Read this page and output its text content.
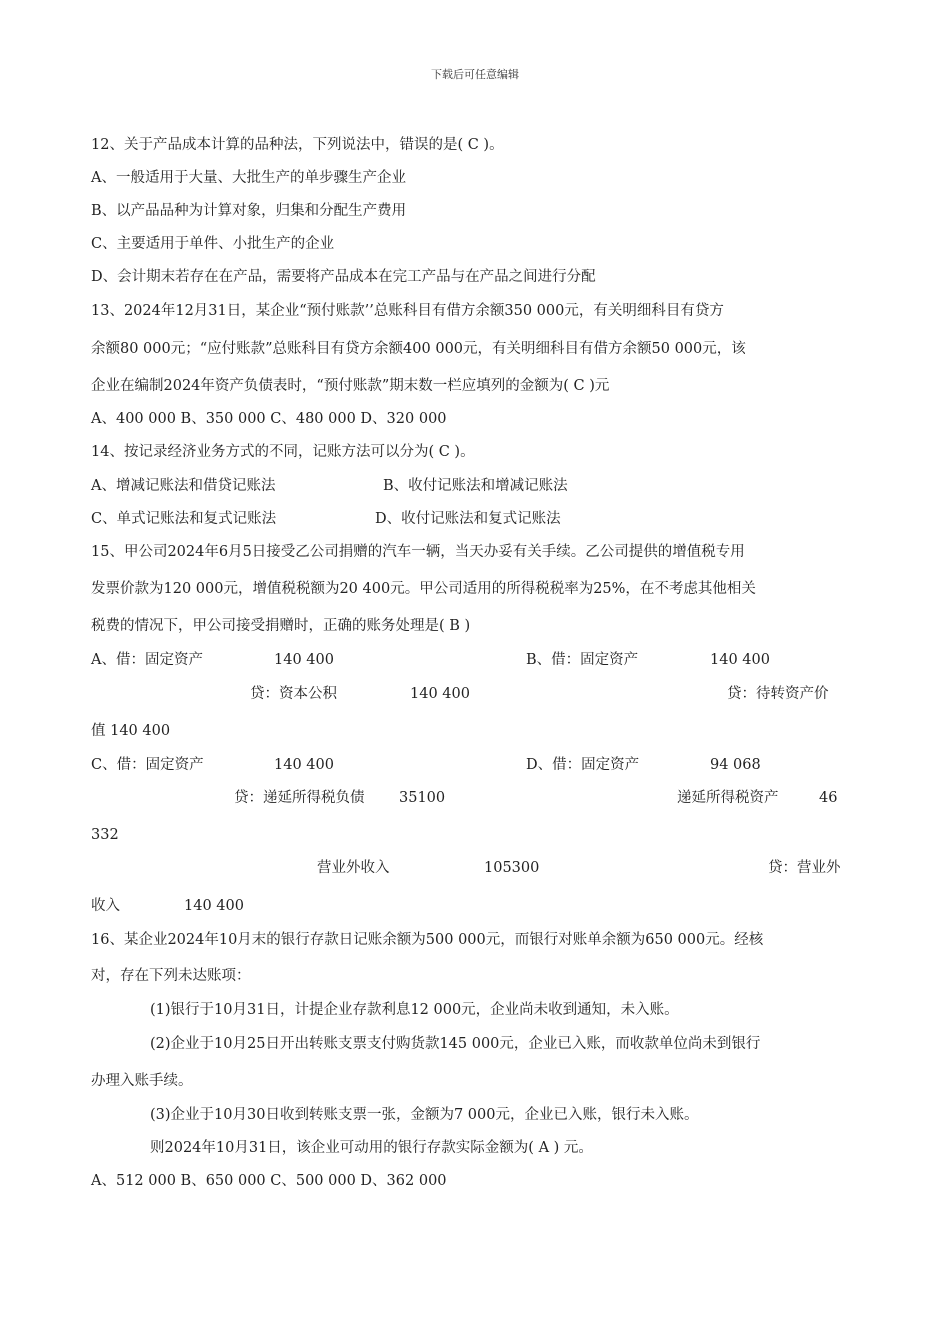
下载后可任意编辑
12、关于产品成本计算的品种法，下列说法中，错误的是( C )。
A、一般适用于大量、大批生产的单步骤生产企业
B、以产品品种为计算对象，归集和分配生产费用
C、主要适用于单件、小批生产的企业
D、会计期末若存在在产品，需要将产品成本在完工产品与在产品之间进行分配
13、2024年12月31日，某企业“预付账款’’总账科目有借方余额350 000元，有关明细科目有贷方
余额80 000元；“应付账款”总账科目有贷方余额400 000元，有关明细科目有借方余额50 000元，该
企业在编制2024年资产负债表时，“预付账款”期末数一栏应填列的金额为( C )元
A、400 000 B、350 000 C、480 000 D、320 000
14、按记录经济业务方式的不同，记账方法可以分为( C )。
A、增减记账法和借贷记账法	B、收付记账法和增减记账法
C、单式记账法和复式记账法	D、收付记账法和复式记账法
15、甲公司2024年6月5日接受乙公司捐赠的汽车一辆，当天办妥有关手续。乙公司提供的增值税专用
发票价款为120 000元，增值税税额为20 400元。甲公司适用的所得税税率为25%，在不考虑其他相关
税费的情况下，甲公司接受捐赠时，正确的账务处理是( B )
A、借：固定资产	140 400	B、借：固定资产	140 400
贷：资本公积	140 400	贷：待转资产价
值 140 400
C、借：固定资产	140 400	D、借：固定资产	94 068
贷：递延所得税负债 35100	递延所得税资产	46
332
营业外收入	105300	贷：营业外
收入	140 400
16、某企业2024年10月末的银行存款日记账余额为500 000元，而银行对账单余额为650 000元。经核
对，存在下列未达账项：
(1)银行于10月31日，计提企业存款利息12 000元，企业尚未收到通知，未入账。
(2)企业于10月25日开出转账支票支付购货款145 000元，企业已入账，而收款单位尚未到银行
办理入账手续。
(3)企业于10月30日收到转账支票一张，金额为7 000元，企业已入账，银行未入账。
则2024年10月31日，该企业可动用的银行存款实际金额为( A ) 元。
A、512 000 B、650 000 C、500 000 D、362 000
